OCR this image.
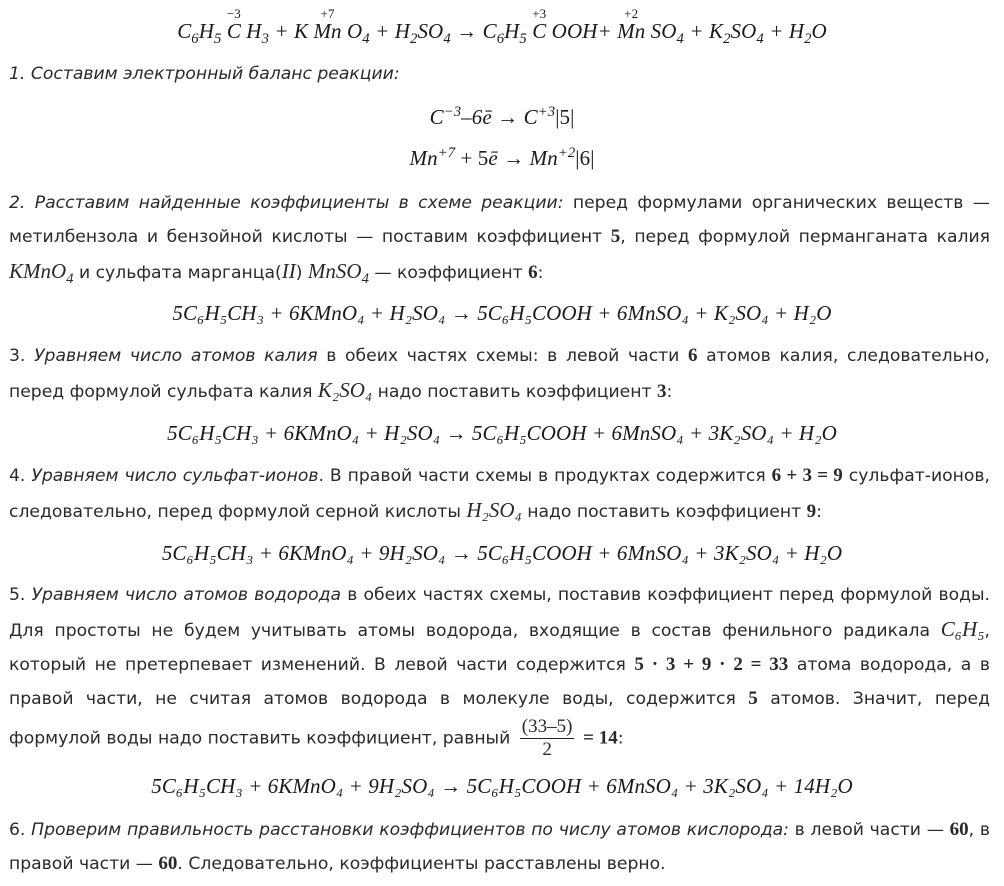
$C_6H_5$
−3
C $H_3 + K$
+7
Mn $O_4 + H_2SO_4 \to C_6H_5$
+3
C OOH+
+2
Mn $SO_4 + K_2SO_4 + H_2O$
1. Составим электронный баланс реакции:
$C^{-3}-6ē \to C^{+3}|5|$
$Mn^{+7}$ + 5ē → $Mn^{+2}|6|$
2. Расставим найденные коэффициенты в схеме реакции: перед формулами органических веществ — метилбензола и бензойной кислоты — поставим коэффициент 5, перед формулой перманганата калия KMnO$_4$ и сульфата марганца(II) MnSO$_4$ — коэффициент 6:
5C₆H₅CH₃ + 6KMnO₄ + H₂SO₄ → 5C₆H₅COOH + 6MnSO₄ + K₂SO₄ + H₂O
3. Уравняем число атомов калия в обеих частях схемы: в левой части 6 атомов калия, следовательно, перед формулой сульфата калия K₂SO₄ надо поставить коэффициент 3:
5C₆H₅CH₃ + 6KMnO₄ + H₂SO₄ → 5C₆H₅COOH + 6MnSO₄ + 3K₂SO₄ + H₂O
4. Уравняем число сульфат-ионов. В правой части схемы в продуктах содержится 6 + 3 = 9 сульфат-ионов, следовательно, перед формулой серной кислоты H₂SO₄ надо поставить коэффициент 9:
5C₆H₅CH₃ + 6KMnO₄ + 9H₂SO₄ → 5C₆H₅COOH + 6MnSO₄ + 3K₂SO₄ + H₂O
5. Уравняем число атомов водорода в обеих частях схемы, поставив коэффициент перед формулой воды. Для простоты не будем учитывать атомы водорода, входящие в состав фенильного радикала C₆H₅, который не претерпевает изменений. В левой части содержится 5 · 3 + 9 · 2 = 33 атома водорода, а в правой части, не считая атомов водорода в молекуле воды, содержится 5 атомов. Значит, перед формулой воды надо поставить коэффициент, равный $\frac{(33-5)}{2} = 14$:
5C₆H₅CH₃ + 6KMnO₄ + 9H₂SO₄ → 5C₆H₅COOH + 6MnSO₄ + 3K₂SO₄ + 14H₂O
6. Проверим правильность расстановки коэффициентов по числу атомов кислорода: в левой части — 60, в правой части — 60. Следовательно, коэффициенты расставлены верно.
